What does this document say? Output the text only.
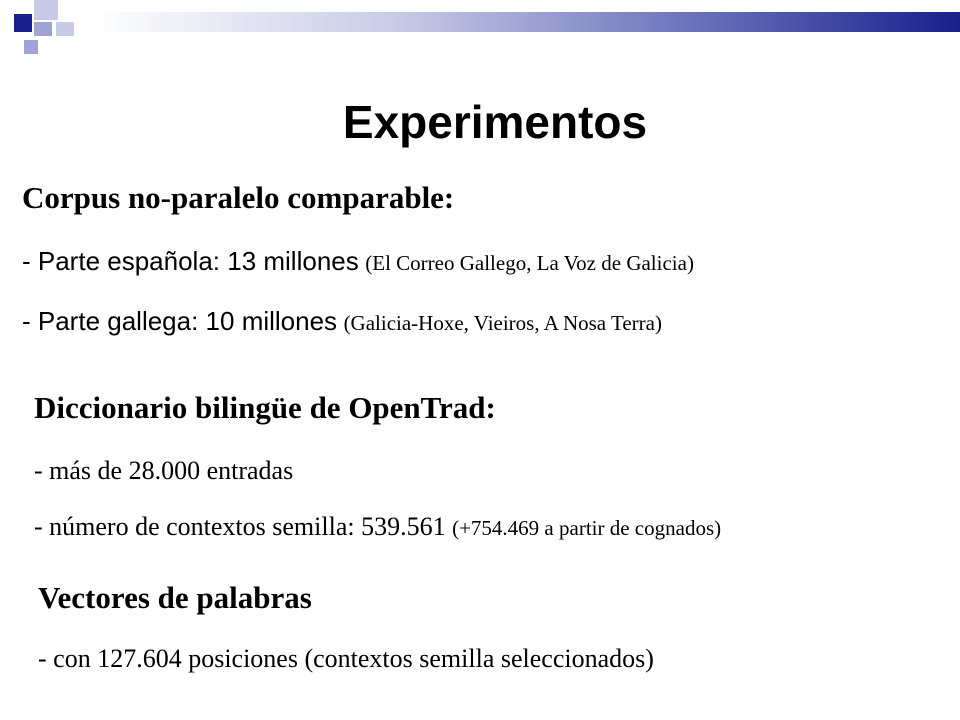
Experimentos
Corpus no-paralelo comparable:
- Parte española: 13 millones (El Correo Gallego, La Voz de Galicia)
- Parte gallega: 10 millones (Galicia-Hoxe, Vieiros, A Nosa Terra)
Diccionario bilingüe de OpenTrad:
- más de 28.000 entradas
- número de contextos semilla: 539.561 (+754.469 a partir de cognados)
Vectores de palabras
- con 127.604 posiciones (contextos semilla seleccionados)
